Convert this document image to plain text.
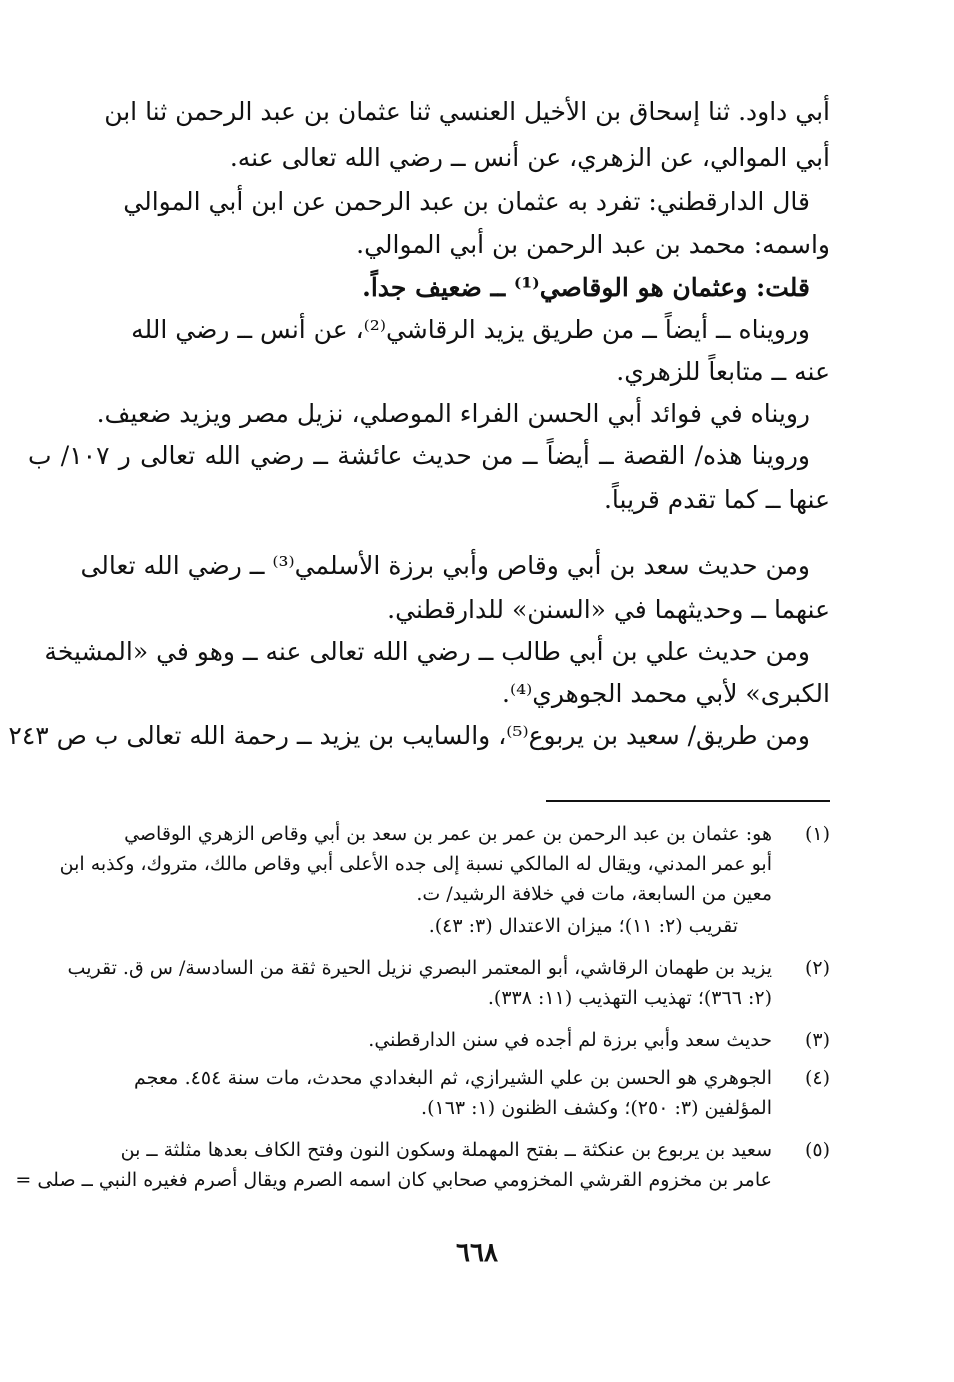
أبي داود. ثنا إسحاق بن الأخيل العنسي ثنا عثمان بن عبد الرحمن ثنا ابن
أبي الموالي، عن الزهري، عن أنس ــ رضي الله تعالى عنه.
قال الدارقطني: تفرد به عثمان بن عبد الرحمن عن ابن أبي الموالي
واسمه: محمد بن عبد الرحمن بن أبي الموالي.
قلت: وعثمان هو الوقاصي⁽¹⁾ ــ ضعيف جداً.
ورويناه ــ أيضاً ــ من طريق يزيد الرقاشي⁽²⁾، عن أنس ــ رضي الله
عنه ــ متابعاً للزهري.
رويناه في فوائد أبي الحسن الفراء الموصلي، نزيل مصر ويزيد ضعيف.
وروينا هذه/ القصة ــ أيضاً ــ من حديث عائشة ــ رضي الله تعالى ر ١٠٧/ ب
عنها ــ كما تقدم قريباً.
ومن حديث سعد بن أبي وقاص وأبي برزة الأسلمي⁽³⁾ ــ رضي الله تعالى
عنهما ــ وحديثهما في «السنن» للدارقطني.
ومن حديث علي بن أبي طالب ــ رضي الله تعالى عنه ــ وهو في «المشيخة
الكبرى» لأبي محمد الجوهري⁽⁴⁾.
ومن طريق/ سعيد بن يربوع⁽⁵⁾، والسايب بن يزيد ــ رحمة الله تعالى ب ص ٢٤٣
(١)
هو: عثمان بن عبد الرحمن بن عمر بن عمر بن سعد بن أبي وقاص الزهري الوقاصي
أبو عمر المدني، ويقال له المالكي نسبة إلى جده الأعلى أبي وقاص مالك، متروك، وكذبه ابن
معين من السابعة، مات في خلافة الرشيد/ ت.
تقريب (٢: ١١)؛ ميزان الاعتدال (٣: ٤٣).
(٢)
يزيد بن طهمان الرقاشي، أبو المعتمر البصري نزيل الحيرة ثقة من السادسة/ س ق. تقريب
(٢: ٣٦٦)؛ تهذيب التهذيب (١١: ٣٣٨).
(٣)
حديث سعد وأبي برزة لم أجده في سنن الدارقطني.
(٤)
الجوهري هو الحسن بن علي الشيرازي، ثم البغدادي محدث، مات سنة ٤٥٤. معجم
المؤلفين (٣: ٢٥٠)؛ وكشف الظنون (١: ١٦٣).
(٥)
سعيد بن يربوع بن عنكثة ــ بفتح المهملة وسكون النون وفتح الكاف بعدها مثلثة ــ بن
عامر بن مخزوم القرشي المخزومي صحابي كان اسمه الصرم ويقال أصرم فغيره النبي ــ صلى =
٦٦٨
